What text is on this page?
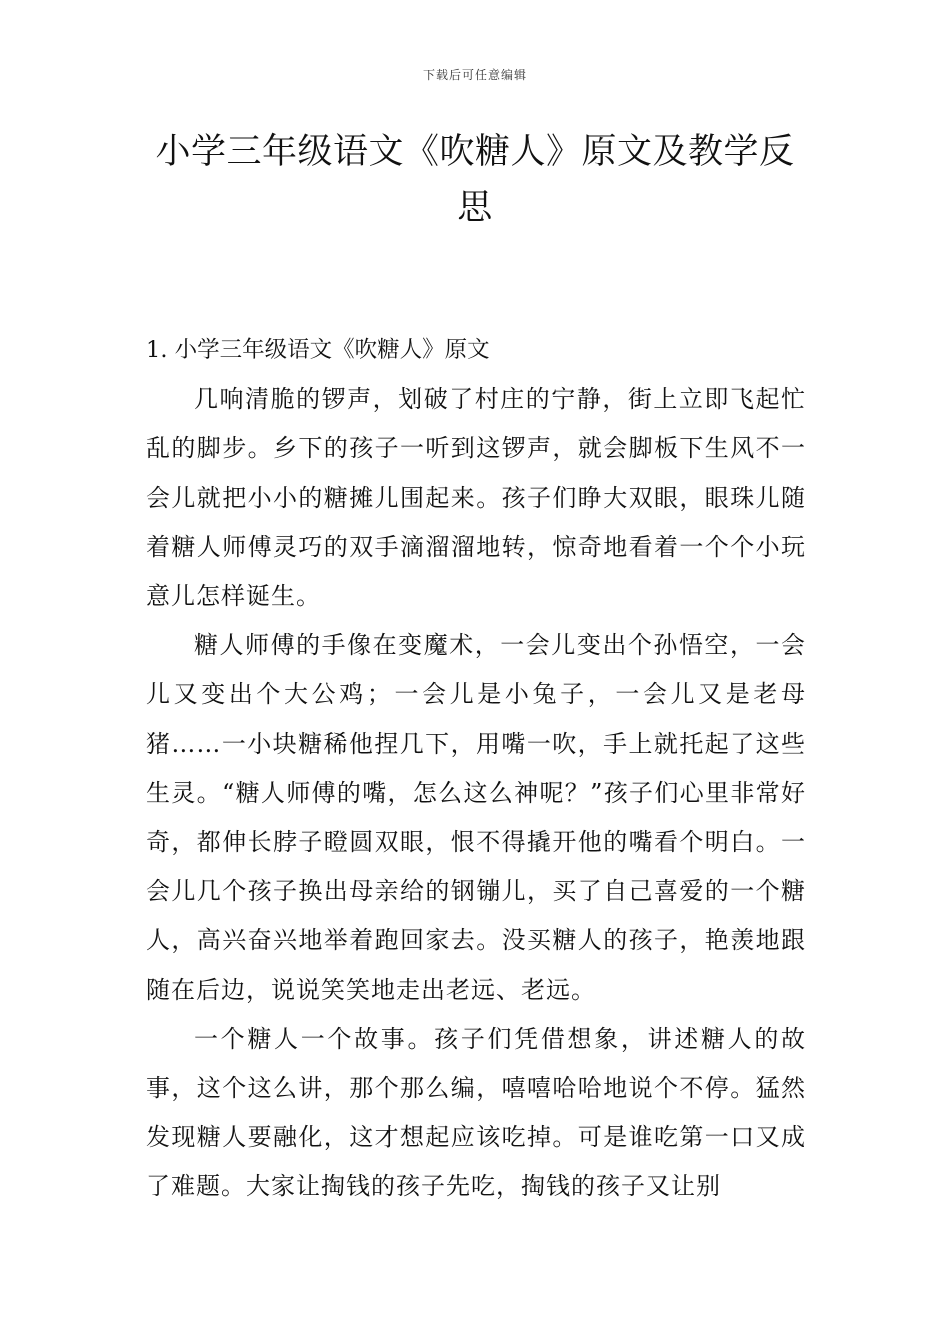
下载后可任意编辑
小学三年级语文《吹糖人》原文及教学反思

1. 小学三年级语文《吹糖人》原文

几响清脆的锣声，划破了村庄的宁静，街上立即飞起忙乱的脚步。乡下的孩子一听到这锣声，就会脚板下生风不一会儿就把小小的糖摊儿围起来。孩子们睁大双眼，眼珠儿随着糖人师傅灵巧的双手滴溜溜地转，惊奇地看着一个个小玩意儿怎样诞生。

糖人师傅的手像在变魔术，一会儿变出个孙悟空，一会儿又变出个大公鸡；一会儿是小兔子，一会儿又是老母猪……一小块糖稀他捏几下，用嘴一吹，手上就托起了这些生灵。“糖人师傅的嘴，怎么这么神呢？”孩子们心里非常好奇，都伸长脖子瞪圆双眼，恨不得撬开他的嘴看个明白。一会儿几个孩子换出母亲给的钢镚儿，买了自己喜爱的一个糖人，高兴奋兴地举着跑回家去。没买糖人的孩子，艳羡地跟随在后边，说说笑笑地走出老远、老远。

一个糖人一个故事。孩子们凭借想象，讲述糖人的故事，这个这么讲，那个那么编，嘻嘻哈哈地说个不停。猛然发现糖人要融化，这才想起应该吃掉。可是谁吃第一口又成了难题。大家让掏钱的孩子先吃，掏钱的孩子又让别
